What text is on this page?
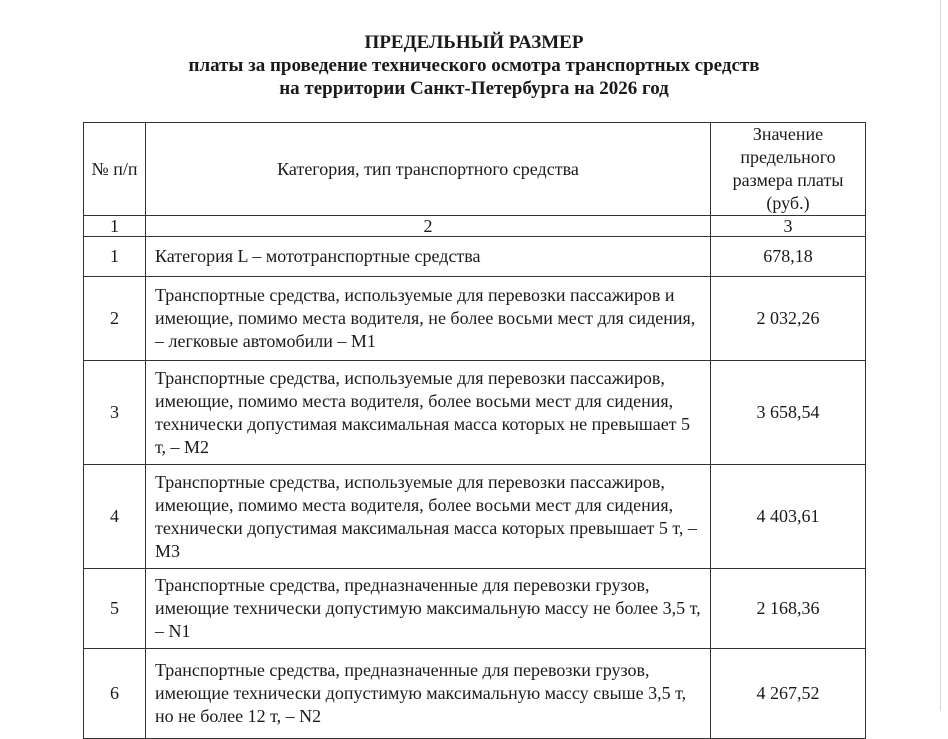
ПРЕДЕЛЬНЫЙ РАЗМЕР
платы за проведение технического осмотра транспортных средств
на территории Санкт-Петербурга на 2026 год
№ п/п	Категория, тип транспортного средства	Значение предельного размера платы (руб.)
1	2	3
1	Категория L – мототранспортные средства	678,18
2	Транспортные средства, используемые для перевозки пассажиров и имеющие, помимо места водителя, не более восьми мест для сидения, – легковые автомобили – M1	2 032,26
3	Транспортные средства, используемые для перевозки пассажиров, имеющие, помимо места водителя, более восьми мест для сидения, технически допустимая максимальная масса которых не превышает 5 т, – M2	3 658,54
4	Транспортные средства, используемые для перевозки пассажиров, имеющие, помимо места водителя, более восьми мест для сидения, технически допустимая максимальная масса которых превышает 5 т, – M3	4 403,61
5	Транспортные средства, предназначенные для перевозки грузов, имеющие технически допустимую максимальную массу не более 3,5 т, – N1	2 168,36
6	Транспортные средства, предназначенные для перевозки грузов, имеющие технически допустимую максимальную массу свыше 3,5 т, но не более 12 т, – N2	4 267,52
